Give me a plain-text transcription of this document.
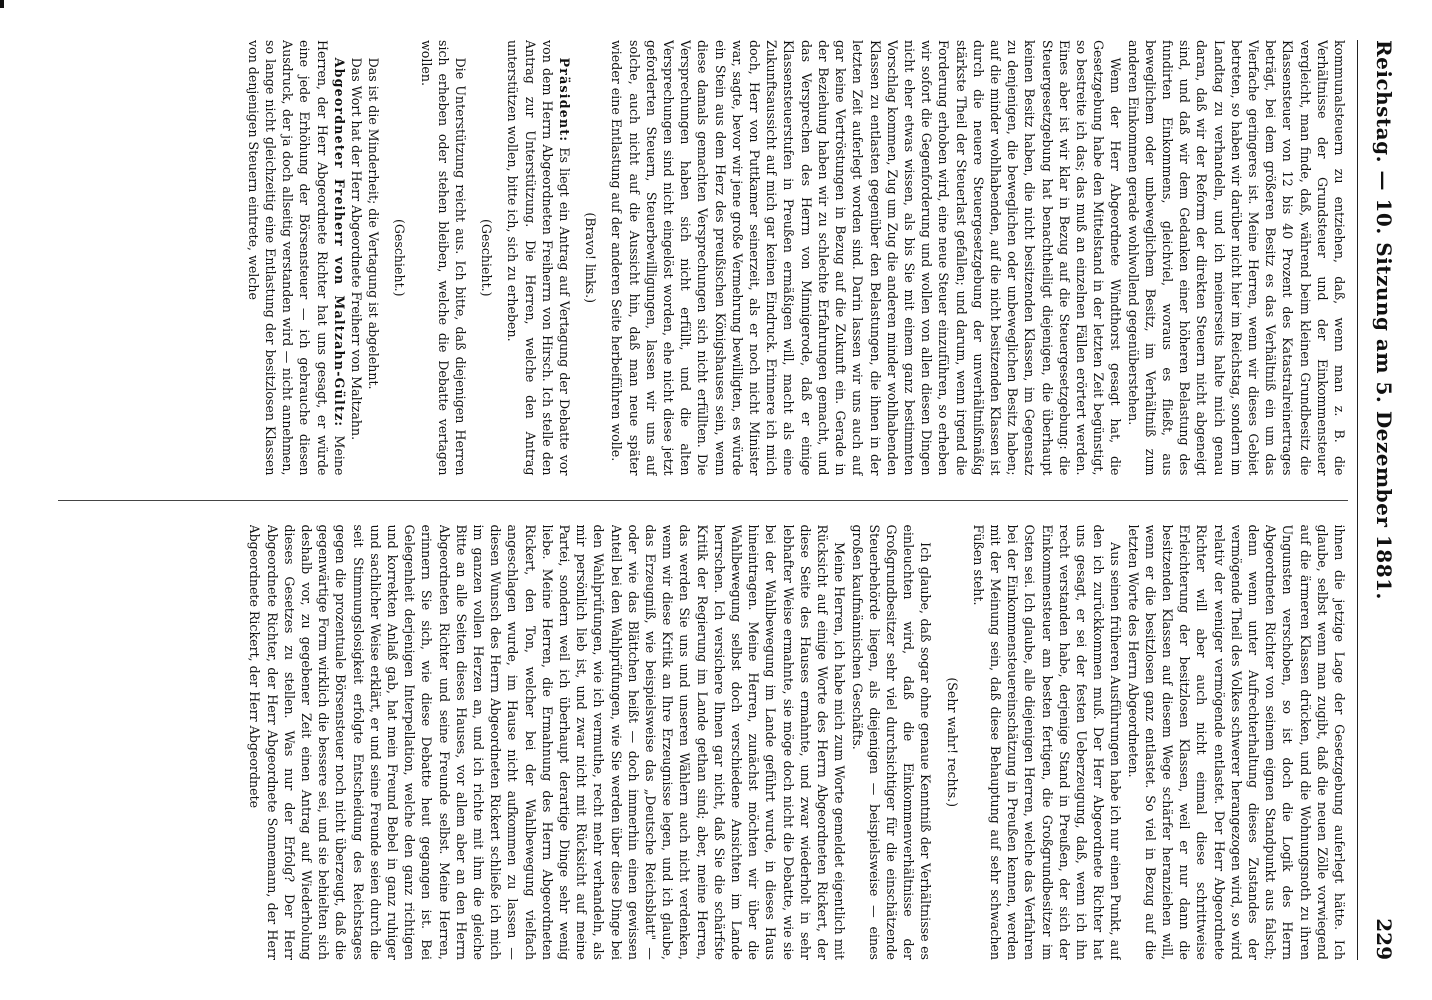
Reichstag. — 10. Sitzung am 5. Dezember 1881.
229

kommunalsteuern zu entziehen, daß, wenn man z. B. die Verhältnisse der Grundsteuer und der Einkommensteuer vergleicht, man finde, daß, während beim kleinen Grundbesitz die Klassensteuer von 12 bis 40 Prozent des Katastralreinertrages beträgt, bei dem größeren Besitz es das Verhältniß ein um das Vierfache geringeres ist. Meine Herren, wenn wir dieses Gebiet betreten, so haben wir darüber nicht hier im Reichstag, sondern im Landtag zu verhandeln, und ich meinerseits halte mich genau daran, daß wir der Reform der direkten Steuern nicht abgeneigt sind, und daß wir dem Gedanken einer höheren Belastung des fundirten Einkommens, gleichviel, woraus es fließt, aus beweglichem oder unbeweglichem Besitz, im Verhältniß zum anderen Einkommen gerade wohlwollend gegenüberstehen.

Wenn der Herr Abgeordnete Windthorst gesagt hat, die Gesetzgebung habe den Mittelstand in der letzten Zeit begünstigt, so bestreite ich das; das muß an einzelnen Fällen erörtert werden. Eines aber ist wir klar in Bezug auf die Steuergesetzgebung: die Steuergesetzgebung hat benachtheiligt diejenigen, die überhaupt keinen Besitz haben, die nicht besitzenden Klassen, im Gegensatz zu denjenigen, die beweglichen oder unbeweglichen Besitz haben; auf die minder wohlhabenden, auf die nicht besitzenden Klassen ist durch die neuere Steuergesetzgebung der unverhältnißmäßig stärkste Theil der Steuerlast gefallen; und darum, wenn irgend die Forderung erhoben wird, eine neue Steuer einzuführen, so erheben wir sofort die Gegenforderung und wollen von allen diesen Dingen nicht eher etwas wissen, als bis Sie mit einem ganz bestimmten Vorschlag kommen, Zug um Zug die anderen minder wohlhabenden Klassen zu entlasten gegenüber den Belastungen, die ihnen in der letzten Zeit auferlegt worden sind. Darin lassen wir uns auch auf gar keine Vertröstungen in Bezug auf die Zukunft ein. Gerade in der Beziehung haben wir zu schlechte Erfahrungen gemacht, und das Versprechen des Herrn von Minnigerode, daß er einige Klassensteuerstufen in Preußen ermäßigen will, macht als eine Zukunftsaussicht auf mich gar keinen Eindruck. Erinnere ich mich doch, Herr von Puttkamer seinerzeit, als er noch nicht Minister war, sagte, bevor wir jene große Vermehrung bewilligten, es würde ein Stein aus dem Herz des preußischen Königshauses sein, wenn diese damals gemachten Versprechungen sich nicht erfüllten. Die Versprechungen haben sich nicht erfüllt, und die alten Versprechungen sind nicht eingelöst worden, ehe nicht diese jetzt geforderten Steuern, Steuerbewilligungen, lassen wir uns auf solche, auch nicht auf die Aussicht hin, daß man neue später wieder eine Entlastung auf der anderen Seite herbeiführen wolle.

(Bravo! links.)

Präsident: Es liegt ein Antrag auf Vertagung der Debatte vor von dem Herrn Abgeordneten Freiherrn von Hirsch. Ich stelle den Antrag zur Unterstützung. Die Herren, welche den Antrag unterstützen wollen, bitte ich, sich zu erheben.

(Geschieht.)

Die Unterstützung reicht aus. Ich bitte, daß diejenigen Herren sich erheben oder stehen bleiben, welche die Debatte vertagen wollen.

(Geschieht.)

Das ist die Minderheit; die Vertagung ist abgelehnt.

Das Wort hat der Herr Abgeordnete Freiherr von Maltzahn.

Abgeordneter Freiherr von Maltzahn-Gültz: Meine Herren, der Herr Abgeordnete Richter hat uns gesagt, er würde eine jede Erhöhung der Börsensteuer — ich gebrauche diesen Ausdruck, der ja doch allseitig verstanden wird — nicht annehmen, so lange nicht gleichzeitig eine Entlastung der besitzlosen Klassen von denjenigen Steuern eintrete, welche

ihnen die jetzige Lage der Gesetzgebung auferlegt hätte. Ich glaube, selbst wenn man zugibt, daß die neuen Zölle vorwiegend auf die ärmeren Klassen drücken, und die Wohnungsnoth zu ihren Ungunsten verschoben, so ist doch die Logik des Herrn Abgeordneten Richter von seinem eignen Standpunkt aus falsch; denn wenn unter Aufrechterhaltung dieses Zustandes der vermögende Theil des Volkes schwerer herangezogen wird, so wird relativ der weniger vermögende entlastet. Der Herr Abgeordnete Richter will aber auch nicht einmal diese schrittweise Erleichterung der besitzlosen Klassen, weil er nur dann die besitzenden Klassen auf diesem Wege schärfer heranziehen will, wenn er die besitzlosen ganz entlastet. So viel in Bezug auf die letzten Worte des Herrn Abgeordneten.

Aus seinen früheren Ausführungen habe ich nur einen Punkt, auf den ich zurückkommen muß. Der Herr Abgeordnete Richter hat uns gesagt, er sei der festen Ueberzeugung, daß, wenn ich ihn recht verstanden habe, derjenige Stand in Preußen, der sich der Einkommensteuer am besten fertigen, die Großgrundbesitzer im Osten sei. Ich glaube, alle diejenigen Herren, welche das Verfahren bei der Einkommensteuereinschätzung in Preußen kennen, werden mit der Meinung sein, daß diese Behauptung auf sehr schwachen Füßen steht.

(Sehr wahr! rechts.)

Ich glaube, daß sogar ohne genaue Kenntniß der Verhältnisse es einleuchten wird, daß die Einkommenverhältnisse der Großgrundbesitzer sehr viel durchsichtiger für die einschätzende Steuerbehörde liegen, als diejenigen — beispielsweise — eines großen kaufmännischen Geschäfts.

Meine Herren, ich habe mich zum Worte gemeldet eigentlich mit Rücksicht auf einige Worte des Herrn Abgeordneten Rickert, der diese Seite des Hauses ermahnte, und zwar wiederholt in sehr lebhafter Weise ermahnte, sie möge doch nicht die Debatte, wie sie bei der Wahlbewegung im Lande geführt wurde, in dieses Haus hineintragen. Meine Herren, zunächst möchten wir über die Wahlbewegung selbst doch verschiedene Ansichten im Lande herrschen. Ich versichere Ihnen gar nicht, daß Sie die schärfste Kritik der Regierung im Lande gethan sind; aber, meine Herren, das werden Sie uns und unseren Wählern auch nicht verdenken, wenn wir diese Kritik an Ihre Erzeugnisse legen, und ich glaube, das Erzeugniß, wie beispielsweise das „Deutsche Reichsblatt" — oder wie das Blättchen heißt — doch immerhin einen gewissen Anteil bei den Wahlprüfungen, wie Sie werden über diese Dinge bei den Wahlprüfungen, wie ich vermuthe, recht mehr verhandeln, als mir persönlich lieb ist, und zwar nicht mit Rücksicht auf meine Partei, sondern weil ich überhaupt derartige Dinge sehr wenig liebe. Meine Herren, die Ermahnung des Herrn Abgeordneten Rickert, den Ton, welcher bei der Wahlbewegung vielfach angeschlagen wurde, im Hause nicht aufkommen zu lassen — diesen Wunsch des Herrn Abgeordneten Rickert schließe ich mich im ganzen vollen Herzen an, und ich richte mit ihm die gleiche Bitte an alle Seiten dieses Hauses, vor allem aber an den Herrn Abgeordneten Richter und seine Freunde selbst. Meine Herren, erinnern Sie sich, wie diese Debatte heut gegangen ist. Bei Gelegenheit derjenigen Interpellation, welche den ganz richtigen und korrekten Anlaß gab, hat mein Freund Bebel in ganz ruhiger und sachlicher Weise erklärt, er und seine Freunde seien durch die seit Stimmungslosigkeit erfolgte Entscheidung des Reichstages gegen die prozentuale Börsensteuer noch nicht überzeugt, daß die gegenwärtige Form wirklich die bessere sei, und sie behielten sich deshalb vor, zu gegebener Zeit einen Antrag auf Wiederholung dieses Gesetzes zu stellen. Was nur der Erfolg? Der Herr Abgeordnete Richter, der Herr Abgeordnete Sonnemann, der Herr Abgeordnete Rickert, der Herr Abgeordnete
